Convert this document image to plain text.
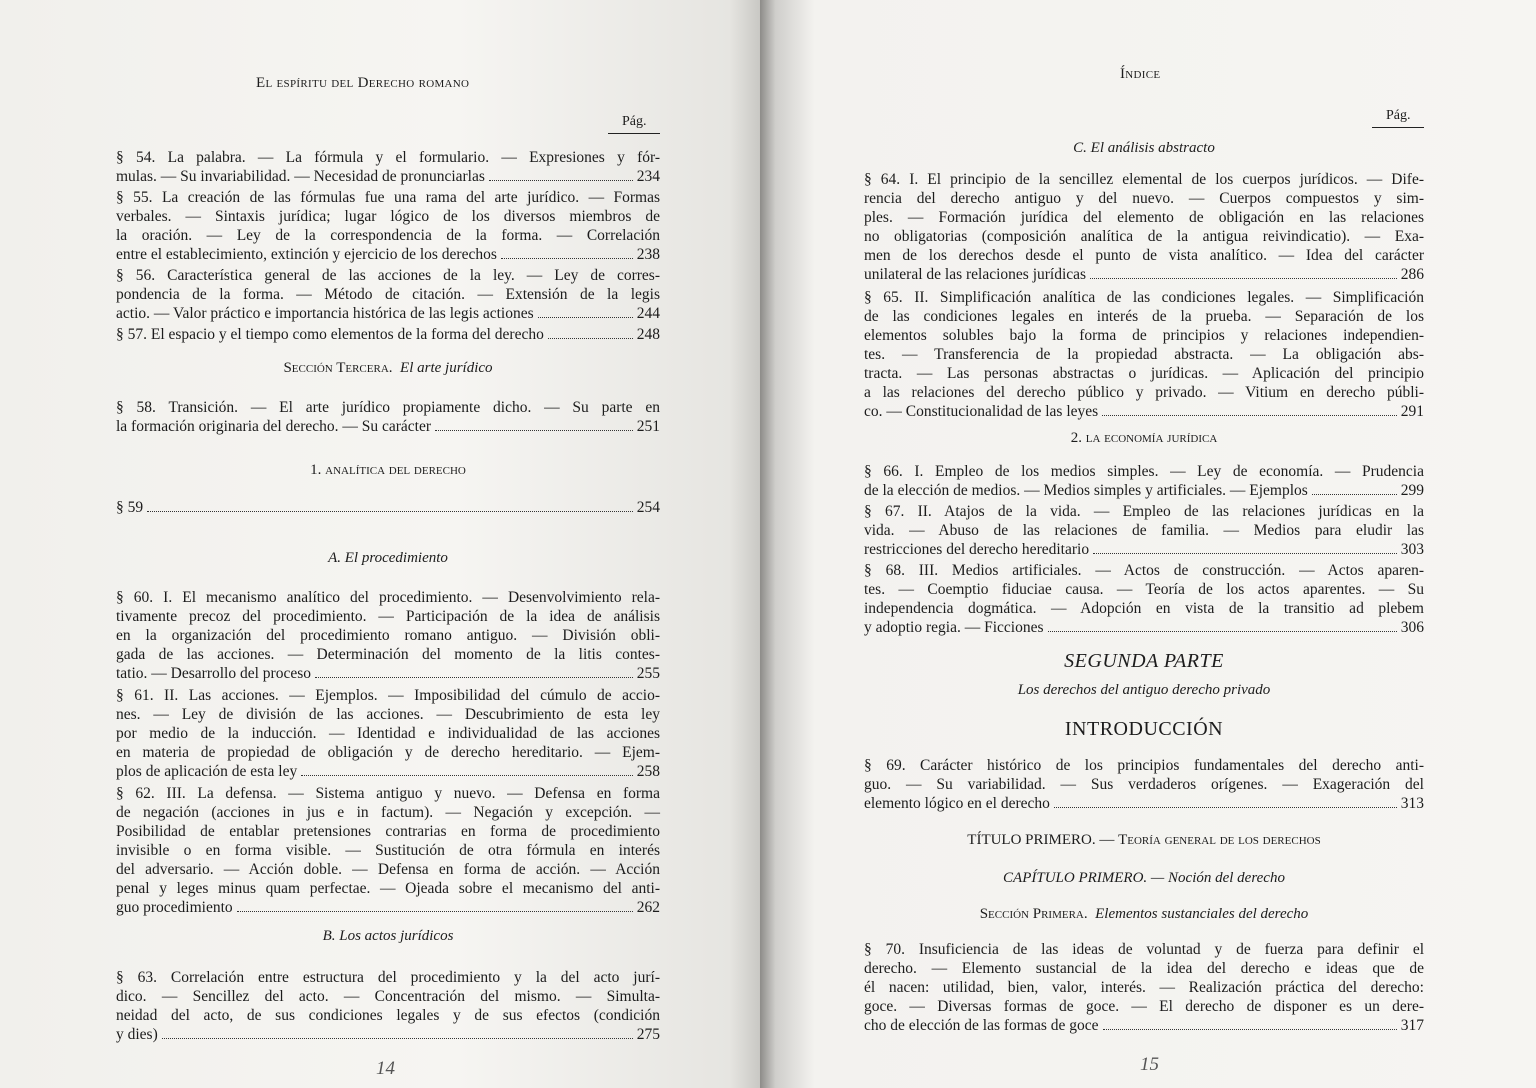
El espíritu del Derecho romano
Pág.
§ 54. La palabra. — La fórmula y el formulario. — Expresiones y fór-
mulas. — Su invariabilidad. — Necesidad de pronunciarlas	234
§ 55. La creación de las fórmulas fue una rama del arte jurídico. — Formas
verbales. — Sintaxis jurídica; lugar lógico de los diversos miembros de
la oración. — Ley de la correspondencia de la forma. — Correlación
entre el establecimiento, extinción y ejercicio de los derechos	238
§ 56. Característica general de las acciones de la ley. — Ley de corres-
pondencia de la forma. — Método de citación. — Extensión de la legis
actio. — Valor práctico e importancia histórica de las legis actiones	244
§ 57. El espacio y el tiempo como elementos de la forma del derecho	248
Sección Tercera. El arte jurídico
§ 58. Transición. — El arte jurídico propiamente dicho. — Su parte en
la formación originaria del derecho. — Su carácter	251
1. analítica del derecho
§ 59	254
A. El procedimiento
§ 60. I. El mecanismo analítico del procedimiento. — Desenvolvimiento rela-
tivamente precoz del procedimiento. — Participación de la idea de análisis
en la organización del procedimiento romano antiguo. — División obli-
gada de las acciones. — Determinación del momento de la litis contes-
tatio. — Desarrollo del proceso	255
§ 61. II. Las acciones. — Ejemplos. — Imposibilidad del cúmulo de accio-
nes. — Ley de división de las acciones. — Descubrimiento de esta ley
por medio de la inducción. — Identidad e individualidad de las acciones
en materia de propiedad de obligación y de derecho hereditario. — Ejem-
plos de aplicación de esta ley	258
§ 62. III. La defensa. — Sistema antiguo y nuevo. — Defensa en forma
de negación (acciones in jus e in factum). — Negación y excepción. —
Posibilidad de entablar pretensiones contrarias en forma de procedimiento
invisible o en forma visible. — Sustitución de otra fórmula en interés
del adversario. — Acción doble. — Defensa en forma de acción. — Acción
penal y leges minus quam perfectae. — Ojeada sobre el mecanismo del anti-
guo procedimiento	262
B. Los actos jurídicos
§ 63. Correlación entre estructura del procedimiento y la del acto jurí-
dico. — Sencillez del acto. — Concentración del mismo. — Simulta-
neidad del acto, de sus condiciones legales y de sus efectos (condición
y dies)	275
14
Índice
Pág.
C. El análisis abstracto
§ 64. I. El principio de la sencillez elemental de los cuerpos jurídicos. — Dife-
rencia del derecho antiguo y del nuevo. — Cuerpos compuestos y sim-
ples. — Formación jurídica del elemento de obligación en las relaciones
no obligatorias (composición analítica de la antigua reivindicatio). — Exa-
men de los derechos desde el punto de vista analítico. — Idea del carácter
unilateral de las relaciones jurídicas	286
§ 65. II. Simplificación analítica de las condiciones legales. — Simplificación
de las condiciones legales en interés de la prueba. — Separación de los
elementos solubles bajo la forma de principios y relaciones independien-
tes. — Transferencia de la propiedad abstracta. — La obligación abs-
tracta. — Las personas abstractas o jurídicas. — Aplicación del principio
a las relaciones del derecho público y privado. — Vitium en derecho públi-
co. — Constitucionalidad de las leyes	291
2. la economía jurídica
§ 66. I. Empleo de los medios simples. — Ley de economía. — Prudencia
de la elección de medios. — Medios simples y artificiales. — Ejemplos	299
§ 67. II. Atajos de la vida. — Empleo de las relaciones jurídicas en la
vida. — Abuso de las relaciones de familia. — Medios para eludir las
restricciones del derecho hereditario	303
§ 68. III. Medios artificiales. — Actos de construcción. — Actos aparen-
tes. — Coemptio fiduciae causa. — Teoría de los actos aparentes. — Su
independencia dogmática. — Adopción en vista de la transitio ad plebem
y adoptio regia. — Ficciones	306
SEGUNDA PARTE
Los derechos del antiguo derecho privado
INTRODUCCIÓN
§ 69. Carácter histórico de los principios fundamentales del derecho anti-
guo. — Su variabilidad. — Sus verdaderos orígenes. — Exageración del
elemento lógico en el derecho	313
TÍTULO PRIMERO. — Teoría general de los derechos
CAPÍTULO PRIMERO. — Noción del derecho
Sección Primera. Elementos sustanciales del derecho
§ 70. Insuficiencia de las ideas de voluntad y de fuerza para definir el
derecho. — Elemento sustancial de la idea del derecho e ideas que de
él nacen: utilidad, bien, valor, interés. — Realización práctica del derecho:
goce. — Diversas formas de goce. — El derecho de disponer es un dere-
cho de elección de las formas de goce	317
15
